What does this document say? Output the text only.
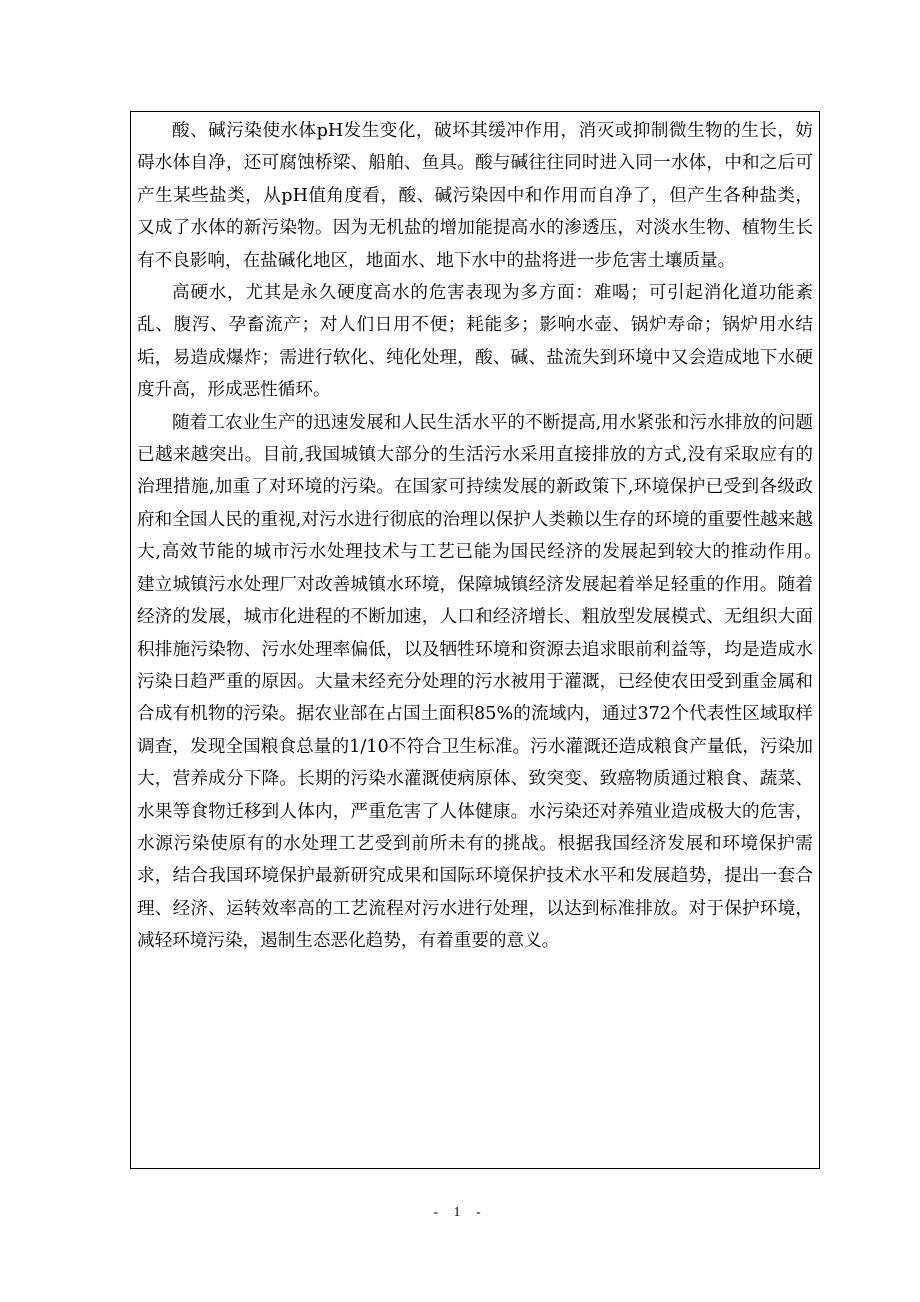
酸、碱污染使水体pH发生变化，破坏其缓冲作用，消灭或抑制微生物的生长，妨碍水体自净，还可腐蚀桥梁、船舶、鱼具。酸与碱往往同时进入同一水体，中和之后可产生某些盐类，从pH值角度看，酸、碱污染因中和作用而自净了，但产生各种盐类，又成了水体的新污染物。因为无机盐的增加能提高水的渗透压，对淡水生物、植物生长有不良影响，在盐碱化地区，地面水、地下水中的盐将进一步危害土壤质量。

高硬水，尤其是永久硬度高水的危害表现为多方面：难喝；可引起消化道功能紊乱、腹泻、孕畜流产；对人们日用不便；耗能多；影响水壶、锅炉寿命；锅炉用水结垢，易造成爆炸；需进行软化、纯化处理，酸、碱、盐流失到环境中又会造成地下水硬度升高，形成恶性循环。

随着工农业生产的迅速发展和人民生活水平的不断提高,用水紧张和污水排放的问题已越来越突出。目前,我国城镇大部分的生活污水采用直接排放的方式,没有采取应有的治理措施,加重了对环境的污染。在国家可持续发展的新政策下,环境保护已受到各级政府和全国人民的重视,对污水进行彻底的治理以保护人类赖以生存的环境的重要性越来越大,高效节能的城市污水处理技术与工艺已能为国民经济的发展起到较大的推动作用。　建立城镇污水处理厂对改善城镇水环境，保障城镇经济发展起着举足轻重的作用。随着经济的发展，城市化进程的不断加速，人口和经济增长、粗放型发展模式、无组织大面积排施污染物、污水处理率偏低，以及牺牲环境和资源去追求眼前利益等，均是造成水污染日趋严重的原因。大量未经充分处理的污水被用于灌溉，已经使农田受到重金属和合成有机物的污染。据农业部在占国土面积85%的流域内，通过372个代表性区域取样调查，发现全国粮食总量的1/10不符合卫生标准。污水灌溉还造成粮食产量低，污染加大，营养成分下降。长期的污染水灌溉使病原体、致突变、致癌物质通过粮食、蔬菜、水果等食物迁移到人体内，严重危害了人体健康。水污染还对养殖业造成极大的危害，水源污染使原有的水处理工艺受到前所未有的挑战。根据我国经济发展和环境保护需求，结合我国环境保护最新研究成果和国际环境保护技术水平和发展趋势，提出一套合理、经济、运转效率高的工艺流程对污水进行处理，以达到标准排放。对于保护环境，减轻环境污染，遏制生态恶化趋势，有着重要的意义。

- 1 -
